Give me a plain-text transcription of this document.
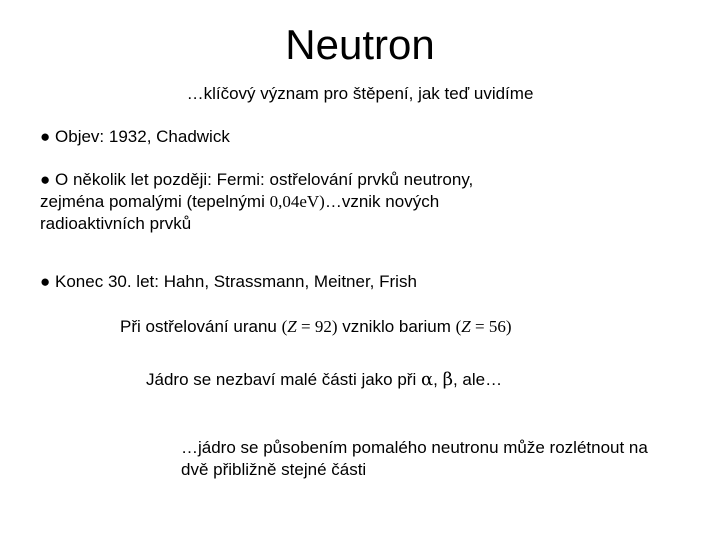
Neutron
…klíčový význam pro štěpení, jak teď uvidíme
● Objev: 1932, Chadwick
● O několik let později: Fermi: ostřelování prvků neutrony,
zejména pomalými (tepelnými 0,04eV)…vznik nových
radioaktivních prvků
● Konec 30. let: Hahn, Strassmann, Meitner, Frish
Při ostřelování uranu (Z = 92) vzniklo barium (Z = 56)
Jádro se nezbaví malé části jako při α, β, ale…
…jádro se působením pomalého neutronu může rozlétnout na
dvě přibližně stejné části
